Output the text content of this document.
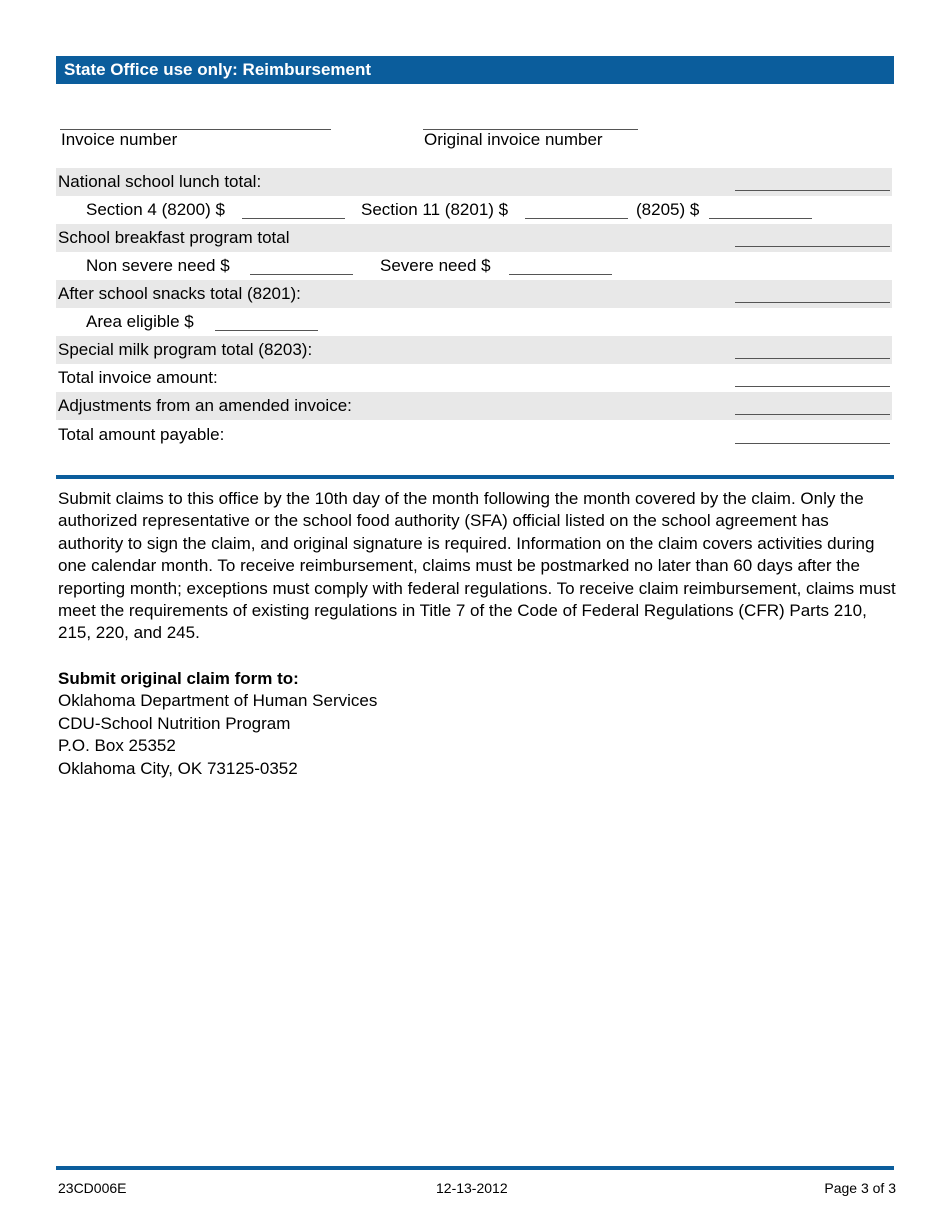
State Office use only: Reimbursement
Invoice number	Original invoice number
National school lunch total:
Section 4 (8200) $	Section 11 (8201) $	(8205) $
School breakfast program total
Non severe need $	Severe need $
After school snacks total (8201):
Area eligible $
Special milk program total (8203):
Total invoice amount:
Adjustments from an amended invoice:
Total amount payable:
Submit claims to this office by the 10th day of the month following the month covered by the claim. Only the authorized representative or the school food authority (SFA) official listed on the school agreement has authority to sign the claim, and original signature is required. Information on the claim covers activities during one calendar month. To receive reimbursement, claims must be postmarked no later than 60 days after the reporting month; exceptions must comply with federal regulations. To receive claim reimbursement, claims must meet the requirements of existing regulations in Title 7 of the Code of Federal Regulations (CFR) Parts 210, 215, 220, and 245.
Submit original claim form to:
Oklahoma Department of Human Services
CDU-School Nutrition Program
P.O. Box 25352
Oklahoma City, OK 73125-0352
23CD006E	12-13-2012	Page 3 of 3
